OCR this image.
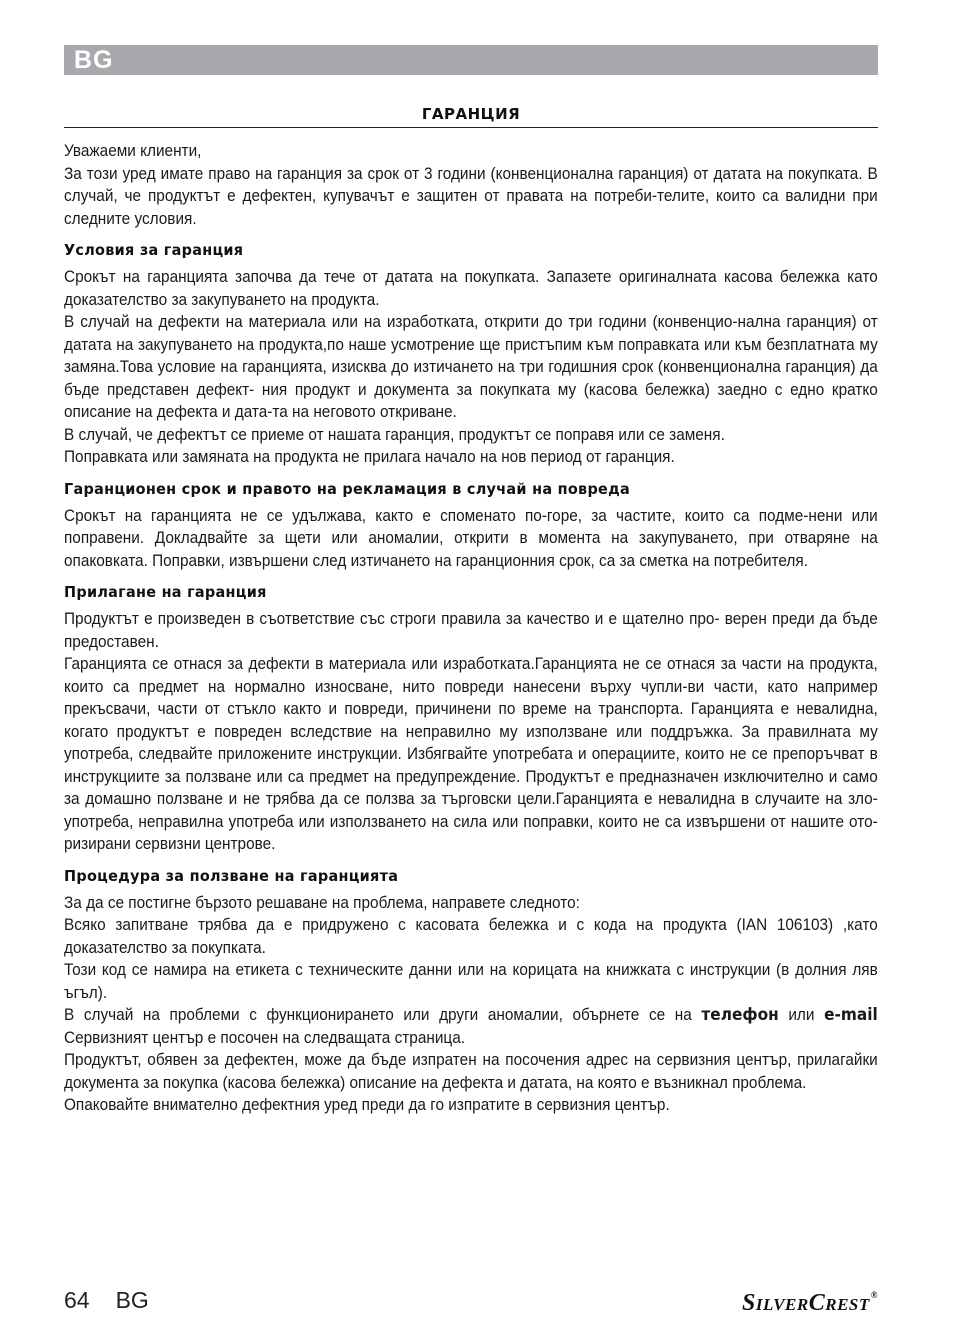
BG
ГАРАНЦИЯ

Уважаеми клиенти,

За този уред имате право на гаранция за срок от 3 години (конвенционална гаранция) от датата на покупката. В случай, че продуктът е дефектен, купувачът е защитен от правата на потреби-телите, които са валидни при следните условия.

Условия за гаранция

Срокът на гаранцията започва да тече от датата на покупката. Запазете оригиналната касова бележка като доказателство за закупуването на продукта.

В случай на дефекти на материала или на изработката, открити до три години (конвенцио-нална гаранция) от датата на закупуването на продукта,по наше усмотрение ще пристъпим към поправката или към безплатната му замяна.Това условие на гаранцията, изисква до изтичането на три годишния срок (конвенционална гаранция) да бъде представен дефект- ния продукт и документа за покупката му (касова бележка) заедно с едно кратко описание на дефекта и дата-та на неговото откриване.

В случай, че дефектът се приеме от нашата гаранция, продуктът се поправя или се заменя.

Поправката или замяната на продукта не прилага начало на нов период от гаранция.

Гаранционен срок и правото на рекламация в случай на повреда

Срокът на гаранцията не се удължава, както е споменато по-горе, за частите, които са подме-нени или поправени. Докладвайте за щети или аномалии, открити в момента на закупуването, при отваряне на опаковката. Поправки, извършени след изтичането на гаранционния срок, са за сметка на потребителя.

Прилагане на гаранция

Продуктът е произведен в съответствие със строги правила за качество и е щателно про- верен преди да бъде предоставен.

Гаранцията се отнася за дефекти в материала или изработката.Гаранцията не се отнася за части на продукта, които са предмет на нормално износване, нито повреди нанесени върху чупли-ви части, като например прекъсвачи, части от стъкло както и повреди, причинени по време на транспорта. Гаранцията е невалидна, когато продуктът е повреден вследствие на неправилно му използване или поддръжка. За правилната му употреба, следвайте приложените инструкции. Избягвайте употребата и операциите, които не се препоръчват в инструкциите за ползване или са предмет на предупреждение. Продуктът е предназначен изключително и само за домашно ползване и не трябва да се ползва за търговски цели.Гаранцията е невалидна в случаите на зло-употреба, неправилна употреба или използването на сила или поправки, които не са извършени от нашите ото- ризирани сервизни центрове.

Процедура за ползване на гаранцията

За да се постигне бързото решаване на проблема, направете следното:

Всяко запитване трябва да е придружено с касовата бележка и с кода на продукта (IAN 106103) ,като доказателство за покупката.

Този код се намира на етикета с техническите данни или на корицата на книжката с инструкции (в долния ляв ъгъл).

В случай на проблеми с функционирането или други аномалии, обърнете се на телефон или e-mail Сервизният център е посочен на следващата страница.

Продуктът, обявен за дефектен, може да бъде изпратен на посочения адрес на сервизния център, прилагайки документа за покупка (касова бележка) описание на дефекта и датата, на която е възникнал проблема.

Опаковайте внимателно дефектния уред преди да го изпратите в сервизния център.

64 BG	SilverCrest®
